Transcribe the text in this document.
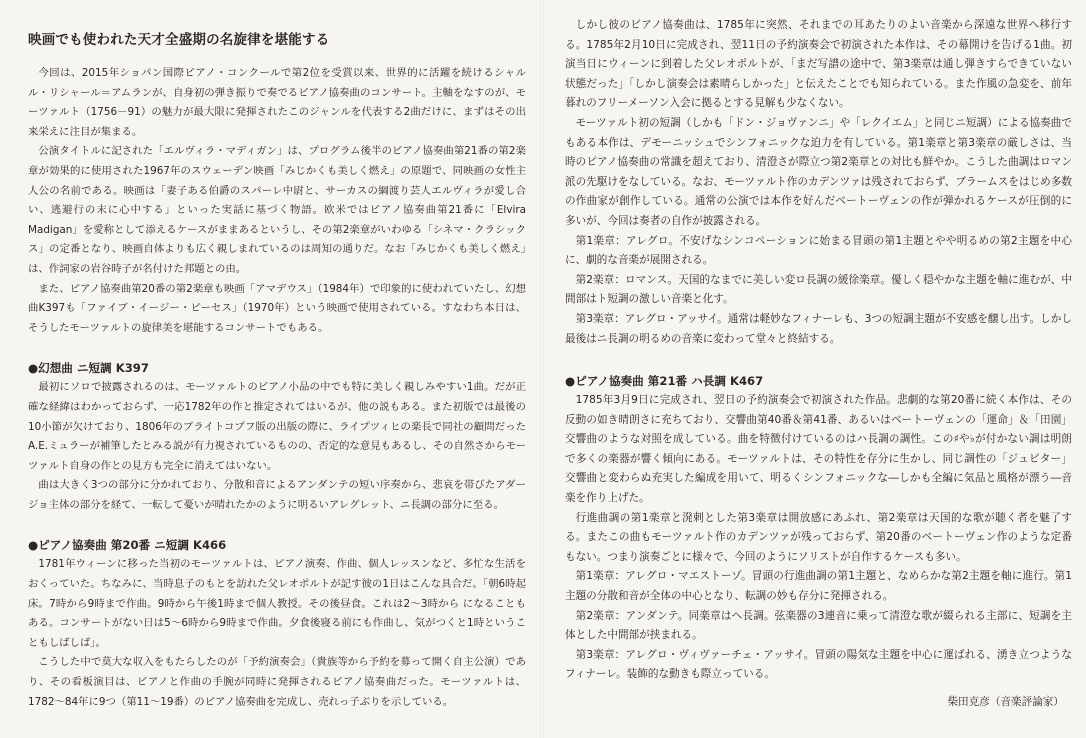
映画でも使われた天才全盛期の名旋律を堪能する

今回は、2015年ショパン国際ピアノ・コンクールで第2位を受賞以来、世界的に活躍を続けるシャルル・リシャール＝アムランが、自身初の弾き振りで奏でるピアノ協奏曲のコンサート。主軸をなすのが、モーツァルト（1756－91）の魅力が最大限に発揮されたこのジャンルを代表する2曲だけに、まずはその出来栄えに注目が集まる。

公演タイトルに記された「エルヴィラ・マディガン」は、プログラム後半のピアノ協奏曲第21番の第2楽章が効果的に使用された1967年のスウェーデン映画「みじかくも美しく燃え」の原題で、同映画の女性主人公の名前である。映画は「妻子ある伯爵のスパーレ中尉と、サーカスの綱渡り芸人エルヴィラが愛し合い、逃避行の末に心中する」といった実話に基づく物語。欧米ではピアノ協奏曲第21番に「Elvira Madigan」を愛称として添えるケースがままあるというし、その第2楽章がいわゆる「シネマ・クラシックス」の定番となり、映画自体よりも広く親しまれているのは周知の通りだ。なお「みじかくも美しく燃え」は、作詞家の岩谷時子が名付けた邦題との由。

また、ピアノ協奏曲第20番の第2楽章も映画「アマデウス」（1984年）で印象的に使われていたし、幻想曲K397も「ファイブ・イージー・ピーセス」（1970年）という映画で使用されている。すなわち本日は、そうしたモーツァルトの旋律美を堪能するコンサートでもある。

●幻想曲 ニ短調 K397

最初にソロで披露されるのは、モーツァルトのピアノ小品の中でも特に美しく親しみやすい1曲。だが正確な経緯はわかっておらず、一応1782年の作と推定されてはいるが、他の説もある。また初版では最後の10小節が欠けており、1806年のブライトコプフ版の出版の際に、ライプツィヒの楽長で同社の顧問だったA.E.ミュラーが補筆したとみる説が有力視されているものの、否定的な意見もあるし、その自然さからモーツァルト自身の作との見方も完全に消えてはいない。

曲は大きく3つの部分に分かれており、分散和音によるアンダンテの短い序奏から、悲哀を帯びたアダージョ主体の部分を経て、一転して憂いが晴れたかのように明るいアレグレット、ニ長調の部分に至る。

●ピアノ協奏曲 第20番 ニ短調 K466

1781年ウィーンに移った当初のモーツァルトは、ピアノ演奏、作曲、個人レッスンなど、多忙な生活をおくっていた。ちなみに、当時息子のもとを訪れた父レオポルトが記す彼の1日はこんな具合だ。「朝6時起床。7時から9時まで作曲。9時から午後1時まで個人教授。その後昼食。これは2～3時から になることもある。コンサートがない日は5～6時から9時まで作曲。夕食後寝る前にも作曲し、気がつくと1時ということもしばしば」。

こうした中で莫大な収入をもたらしたのが「予約演奏会」（貴族等から予約を募って開く自主公演）であり、その看板演目は、ピアノと作曲の手腕が同時に発揮されるピアノ協奏曲だった。モーツァルトは、1782～84年に9つ（第11～19番）のピアノ協奏曲を完成し、売れっ子ぶりを示している。

しかし彼のピアノ協奏曲は、1785年に突然、それまでの耳あたりのよい音楽から深遠な世界へ移行する。1785年2月10日に完成され、翌11日の予約演奏会で初演された本作は、その幕開けを告げる1曲。初演当日にウィーンに到着した父レオポルトが、「まだ写譜の途中で、第3楽章は通し弾きすらできていない状態だった」「しかし演奏会は素晴らしかった」と伝えたことでも知られている。また作風の急変を、前年暮れのフリーメーソン入会に拠るとする見解も少なくない。

モーツァルト初の短調（しかも「ドン・ジョヴァンニ」や「レクイエム」と同じニ短調）による協奏曲でもある本作は、デモーニッシュでシンフォニックな迫力を有している。第1楽章と第3楽章の厳しさは、当時のピアノ協奏曲の常識を超えており、清澄さが際立つ第2楽章との対比も鮮やか。こうした曲調はロマン派の先駆けをなしている。なお、モーツァルト作のカデンツァは残されておらず、ブラームスをはじめ多数の作曲家が創作している。通常の公演では本作を好んだベートーヴェンの作が弾かれるケースが圧倒的に多いが、今回は奏者の自作が披露される。

第1楽章：アレグロ。不安げなシンコペーションに始まる冒頭の第1主題とやや明るめの第2主題を中心に、劇的な音楽が展開される。

第2楽章：ロマンス。天国的なまでに美しい変ロ長調の緩徐楽章。優しく穏やかな主題を軸に進むが、中間部はト短調の激しい音楽と化す。

第3楽章：アレグロ・アッサイ。通常は軽妙なフィナーレも、3つの短調主題が不安感を醸し出す。しかし最後はニ長調の明るめの音楽に変わって堂々と終結する。

●ピアノ協奏曲 第21番 ハ長調 K467

1785年3月9日に完成され、翌日の予約演奏会で初演された作品。悲劇的な第20番に続く本作は、その反動の如き晴朗さに充ちており、交響曲第40番＆第41番、あるいはベートーヴェンの「運命」＆「田園」交響曲のような対照を成している。曲を特徴付けているのはハ長調の調性。この♯や♭が付かない調は明朗で多くの楽器が響く傾向にある。モーツァルトは、その特性を存分に生かし、同じ調性の「ジュピター」交響曲と変わらぬ充実した編成を用いて、明るくシンフォニックな―しかも全編に気品と風格が漂う―音楽を作り上げた。

行進曲調の第1楽章と溌剌とした第3楽章は開放感にあふれ、第2楽章は天国的な歌が聴く者を魅了する。またこの曲もモーツァルト作のカデンツァが残っておらず、第20番のベートーヴェン作のような定番もない。つまり演奏ごとに様々で、今回のようにソリストが自作するケースも多い。

第1楽章：アレグロ・マエストーゾ。冒頭の行進曲調の第1主題と、なめらかな第2主題を軸に進行。第1主題の分散和音が全体の中心となり、転調の妙も存分に発揮される。

第2楽章：アンダンテ。同楽章はヘ長調。弦楽器の3連音に乗って清澄な歌が綴られる主部に、短調を主体とした中間部が挟まれる。

第3楽章：アレグロ・ヴィヴァーチェ・アッサイ。冒頭の陽気な主題を中心に運ばれる、湧き立つようなフィナーレ。装飾的な動きも際立っている。

柴田克彦（音楽評論家）
